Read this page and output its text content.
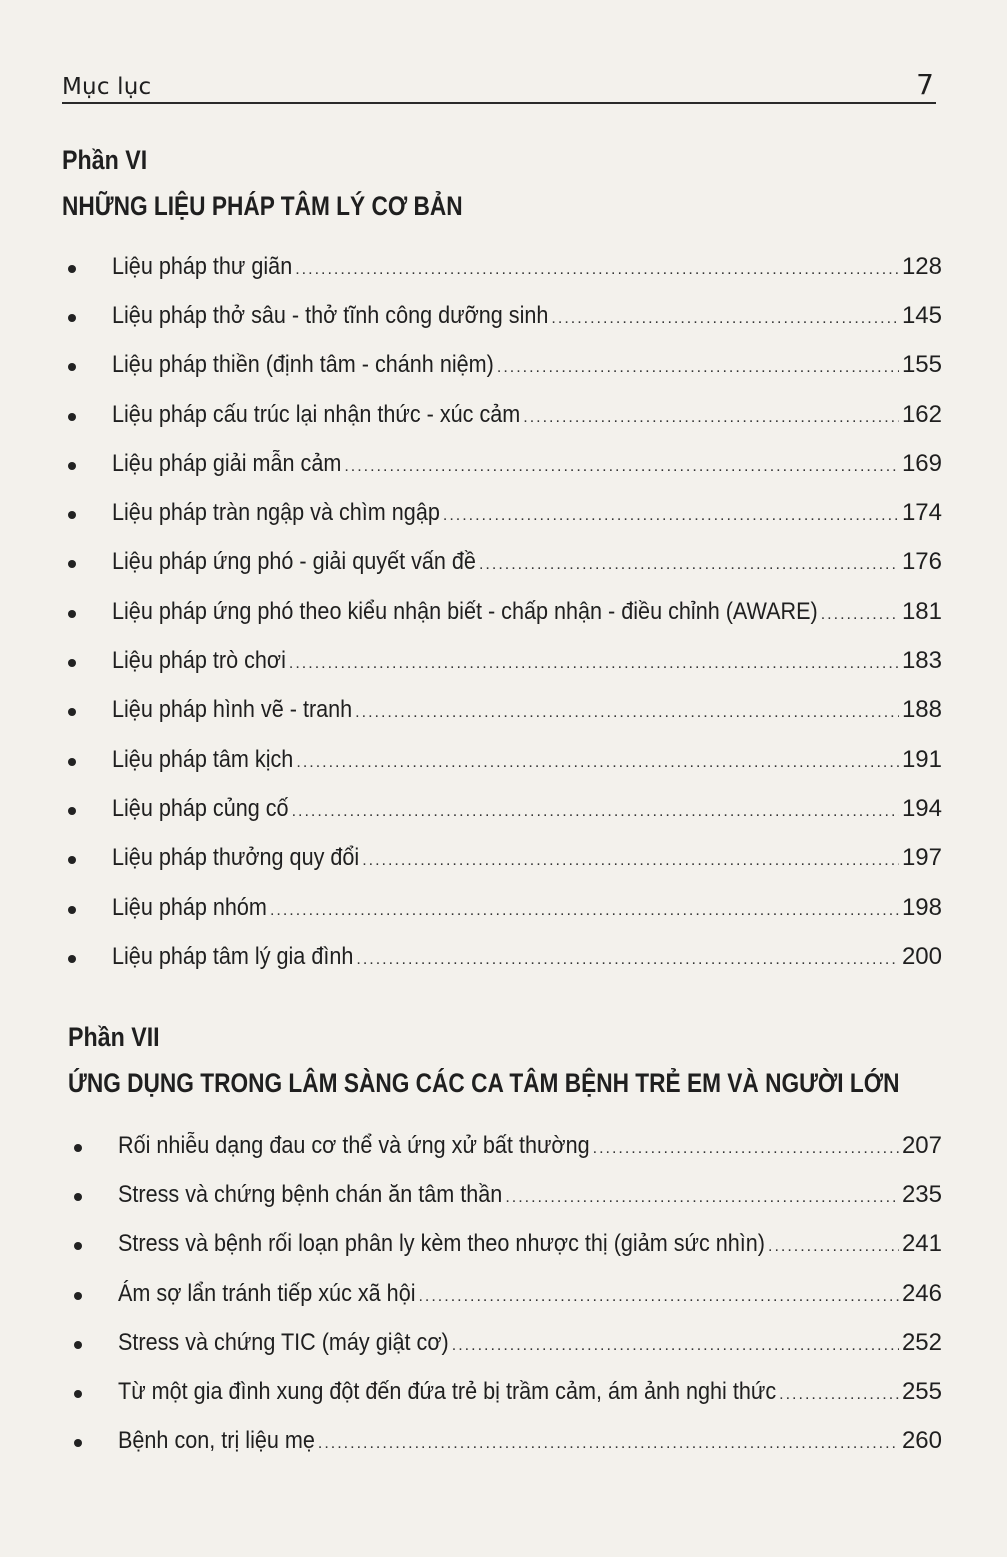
Mục lục	7
Phần VI
NHỮNG LIỆU PHÁP TÂM LÝ CƠ BẢN
Liệu pháp thư giãn .....	128
Liệu pháp thở sâu - thở tĩnh công dưỡng sinh .....	145
Liệu pháp thiền (định tâm - chánh niệm) .....	155
Liệu pháp cấu trúc lại nhận thức - xúc cảm .....	162
Liệu pháp giải mẫn cảm .....	169
Liệu pháp tràn ngập và chìm ngập .....	174
Liệu pháp ứng phó - giải quyết vấn đề .....	176
Liệu pháp ứng phó theo kiểu nhận biết - chấp nhận - điều chỉnh (AWARE) .....	181
Liệu pháp trò chơi .....	183
Liệu pháp hình vẽ - tranh .....	188
Liệu pháp tâm kịch .....	191
Liệu pháp củng cố .....	194
Liệu pháp thưởng quy đổi .....	197
Liệu pháp nhóm .....	198
Liệu pháp tâm lý gia đình .....	200
Phần VII
ỨNG DỤNG TRONG LÂM SÀNG CÁC CA TÂM BỆNH TRẺ EM VÀ NGƯỜI LỚN
Rối nhiễu dạng đau cơ thể và ứng xử bất thường .....	207
Stress và chứng bệnh chán ăn tâm thần .....	235
Stress và bệnh rối loạn phân ly kèm theo nhược thị (giảm sức nhìn) .....	241
Ám sợ lẩn tránh tiếp xúc xã hội .....	246
Stress và chứng TIC (máy giật cơ) .....	252
Từ một gia đình xung đột đến đứa trẻ bị trầm cảm, ám ảnh nghi thức .....	255
Bệnh con, trị liệu mẹ .....	260
